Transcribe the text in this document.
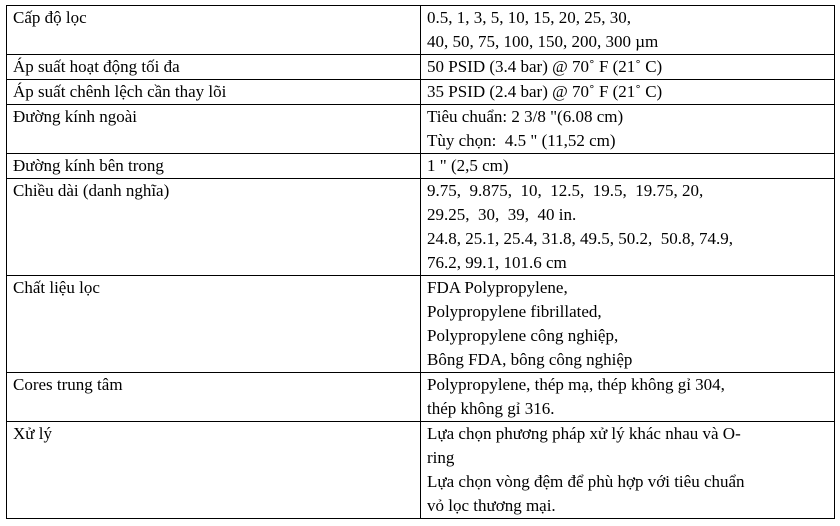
Cấp độ lọc	0.5, 1, 3, 5, 10, 15, 20, 25, 30,
40, 50, 75, 100, 150, 200, 300 µm

Áp suất hoạt động tối đa	50 PSID (3.4 bar) @ 70˚ F (21˚ C)

Áp suất chênh lệch cần thay lõi	35 PSID (2.4 bar) @ 70˚ F (21˚ C)

Đường kính ngoài	Tiêu chuẩn: 2 3/8 "(6.08 cm)
Tùy chọn:  4.5 " (11,52 cm)

Đường kính bên trong	1 " (2,5 cm)

Chiều dài (danh nghĩa)	9.75,  9.875,  10,  12.5,  19.5,  19.75, 20,
29.25,  30,  39,  40 in.
24.8, 25.1, 25.4, 31.8, 49.5, 50.2,  50.8, 74.9,
76.2, 99.1, 101.6 cm

Chất liệu lọc	FDA Polypropylene,
Polypropylene fibrillated,
Polypropylene công nghiệp,
Bông FDA, bông công nghiệp

Cores trung tâm	Polypropylene, thép mạ, thép không gỉ 304,
thép không gỉ 316.

Xử lý	Lựa chọn phương pháp xử lý khác nhau và O-
ring
Lựa chọn vòng đệm để phù hợp với tiêu chuẩn
vỏ lọc thương mại.
